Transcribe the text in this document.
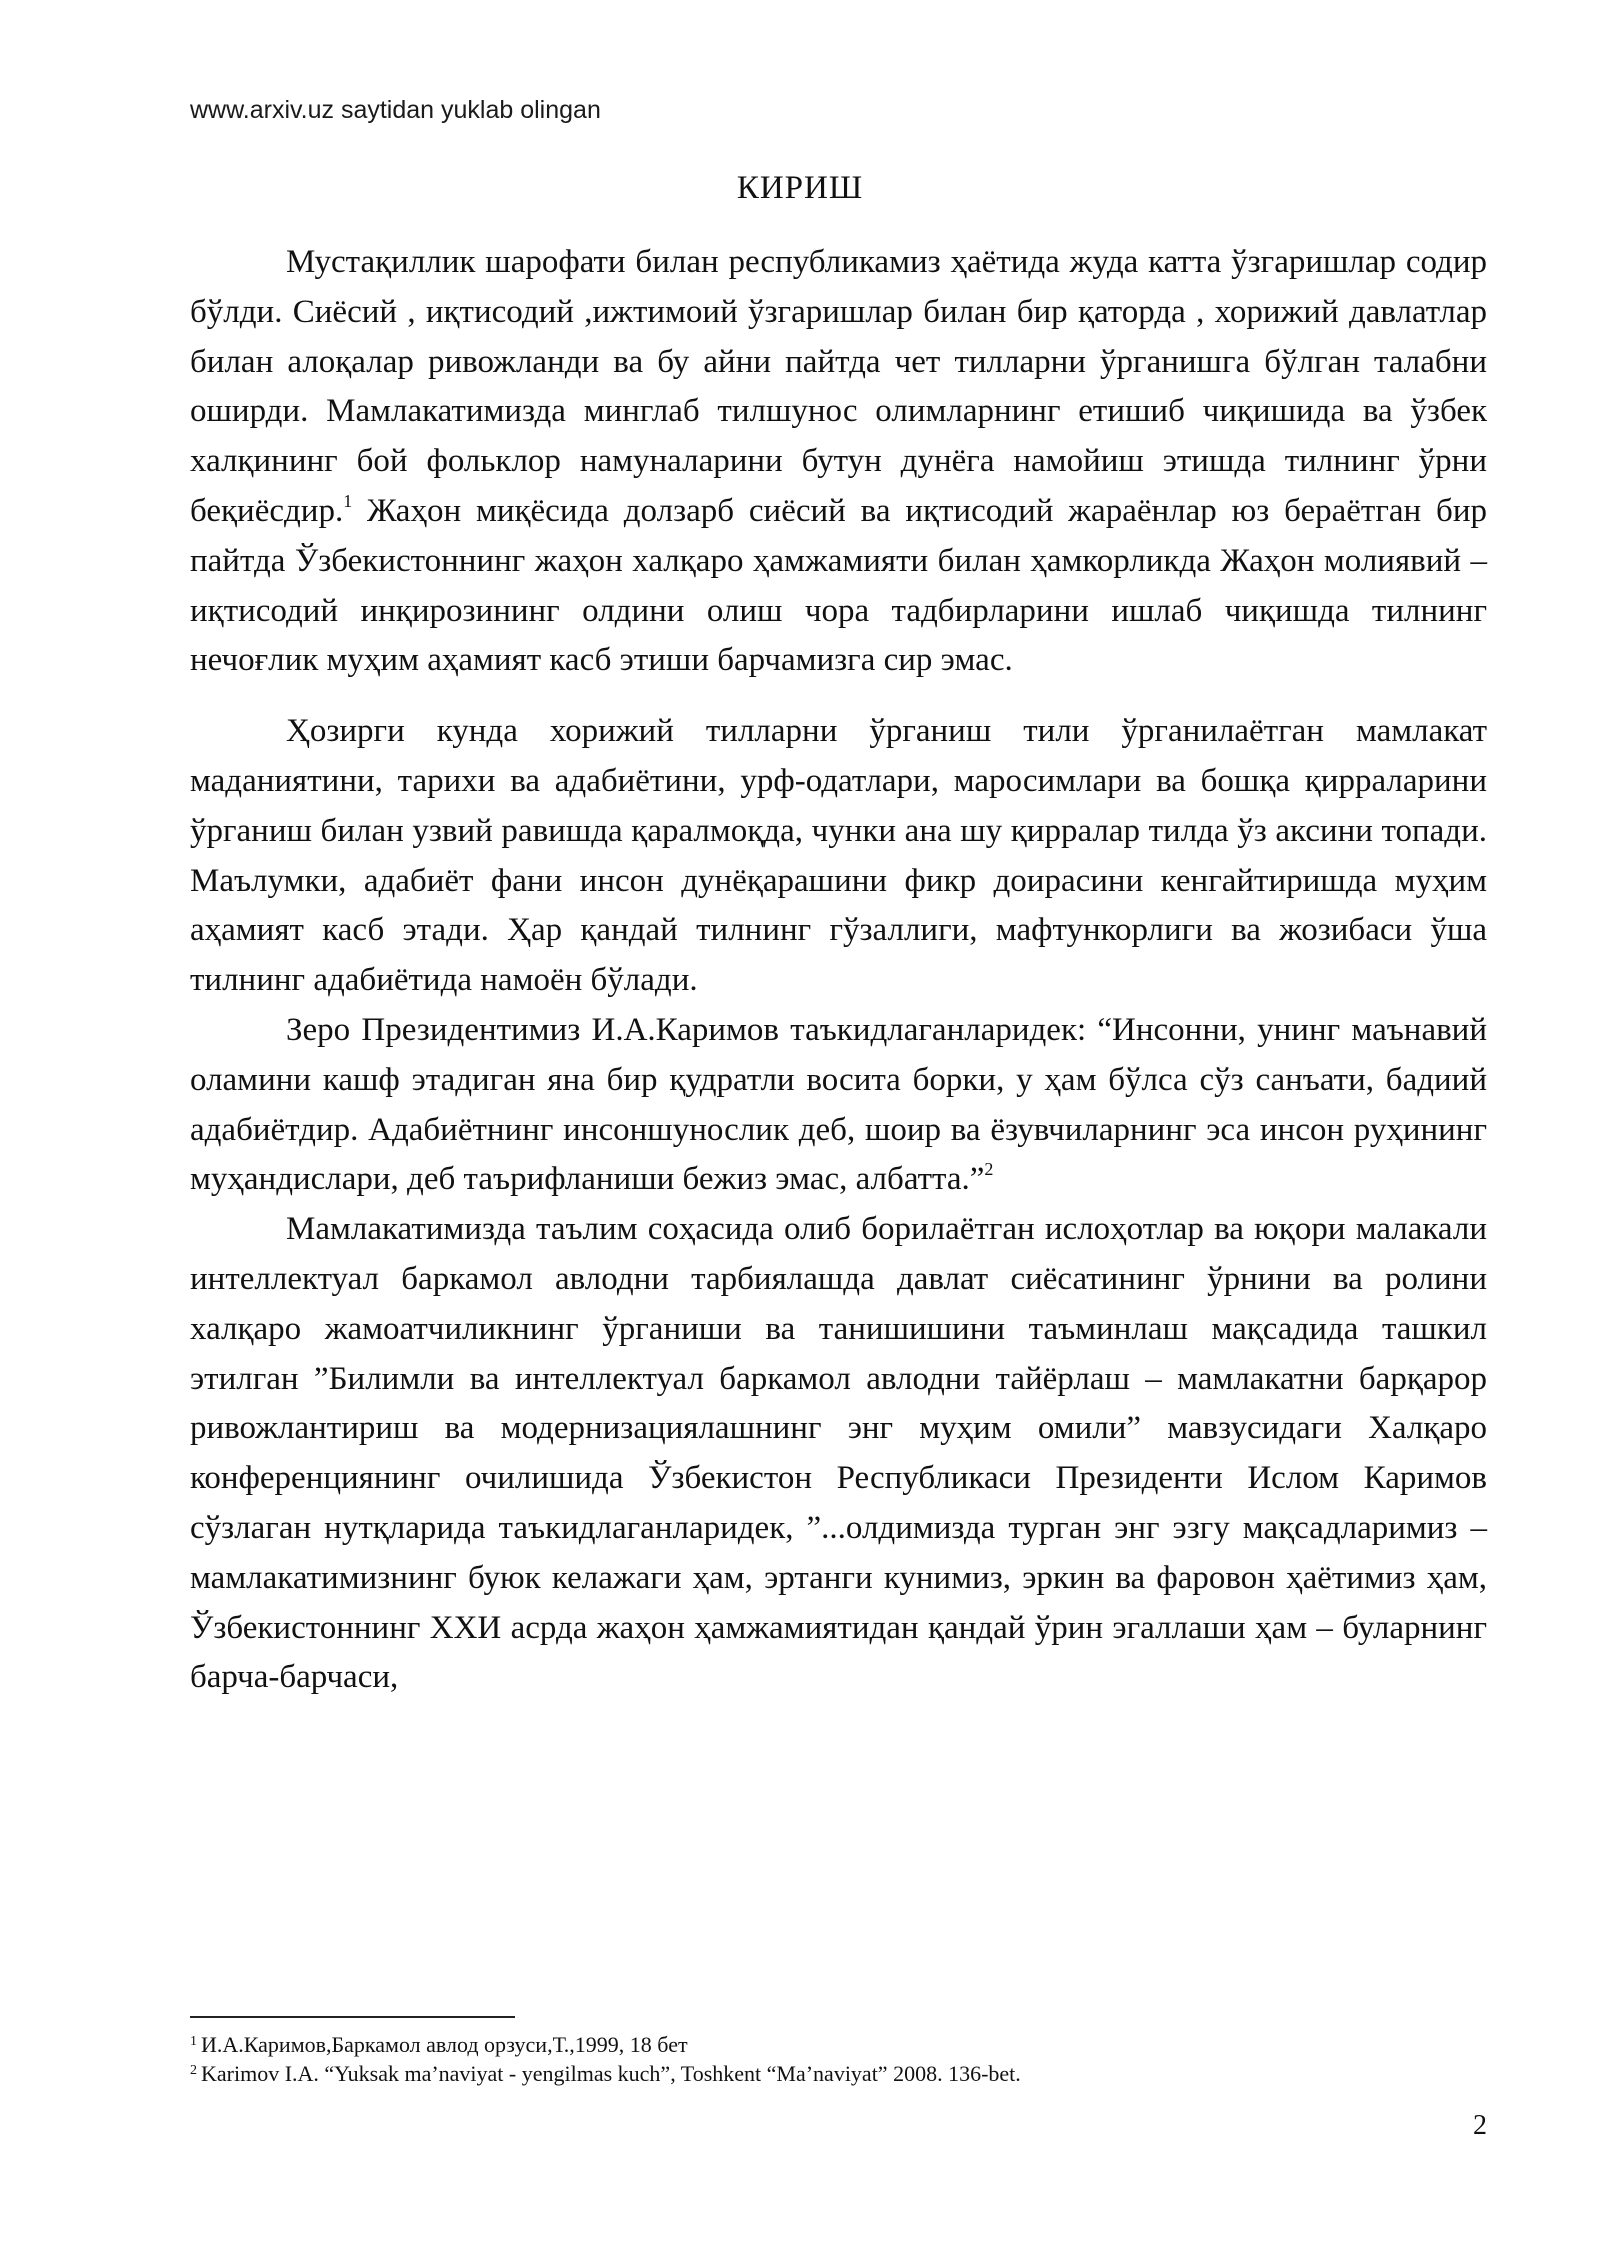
www.arxiv.uz saytidan yuklab olingan
КИРИШ

Мустақиллик шарофати билан республикамиз ҳаётида жуда катта ўзгаришлар содир бўлди. Сиёсий , иқтисодий ,ижтимоий ўзгаришлар билан бир қаторда , хорижий давлатлар билан алоқалар ривожланди ва бу айни пайтда чет тилларни ўрганишга бўлган талабни оширди. Мамлакатимизда минглаб тилшунос олимларнинг етишиб чиқишида ва ўзбек халқининг бой фольклор намуналарини бутун дунёга намойиш этишда тилнинг ўрни беқиёсдир.$^1$ Жаҳон миқёсида долзарб сиёсий ва иқтисодий жараёнлар юз бераётган бир пайтда Ўзбекистоннинг жаҳон халқаро ҳамжамияти билан ҳамкорликда Жаҳон молиявий –иқтисодий инқирозининг олдини олиш чора тадбирларини ишлаб чиқишда тилнинг нечоғлик муҳим аҳамият касб этиши барчамизга сир эмас.

Ҳозирги кунда хорижий тилларни ўрганиш тили ўрганилаётган мамлакат маданиятини, тарихи ва адабиётини, урф-одатлари, маросимлари ва бошқа қирраларини ўрганиш билан узвий равишда қаралмоқда, чунки ана шу қирралар тилда ўз аксини топади. Маълумки, адабиёт фани инсон дунёқарашини фикр доирасини кенгайтиришда муҳим аҳамият касб этади. Ҳар қандай тилнинг гўзаллиги, мафтункорлиги ва жозибаси ўша тилнинг адабиётида намоён бўлади.

Зеро Президентимиз И.А.Каримов таъкидлаганларидек: “Инсонни, унинг маънавий оламини кашф этадиган яна бир қудратли восита борки, у ҳам бўлса сўз санъати, бадиий адабиётдир. Адабиётнинг инсоншунослик деб, шоир ва ёзувчиларнинг эса инсон руҳининг муҳандислари, деб таърифланиши бежиз эмас, албатта.”$^2$

Мамлакатимизда таълим соҳасида олиб борилаётган ислоҳотлар ва юқори малакали интеллектуал баркамол авлодни тарбиялашда давлат сиёсатининг ўрнини ва ролини халқаро жамоатчиликнинг ўрганиши ва танишишини таъминлаш мақсадида ташкил этилган ”Билимли ва интеллектуал баркамол авлодни тайёрлаш – мамлакатни барқарор ривожлантириш ва модернизациялашнинг энг муҳим омили” мавзусидаги Халқаро конференциянинг очилишида Ўзбекистон Республикаси Президенти Ислом Каримов сўзлаган нутқларида таъкидлаганларидек, ”...олдимизда турган энг эзгу мақсадларимиз – мамлакатимизнинг буюк келажаги ҳам, эртанги кунимиз, эркин ва фаровон ҳаётимиз ҳам, Ўзбекистоннинг XXИ асрда жаҳон ҳамжамиятидан қандай ўрин эгаллаши ҳам – буларнинг барча-барчаси,

$^1$ И.А.Каримов,Баркамол авлод орзуси,Т.,1999, 18 бет
$^2$ Karimov I.A. “Yuksak ma’naviyat - yengilmas kuch”, Toshkent “Ma’naviyat” 2008. 136-bet.
2
